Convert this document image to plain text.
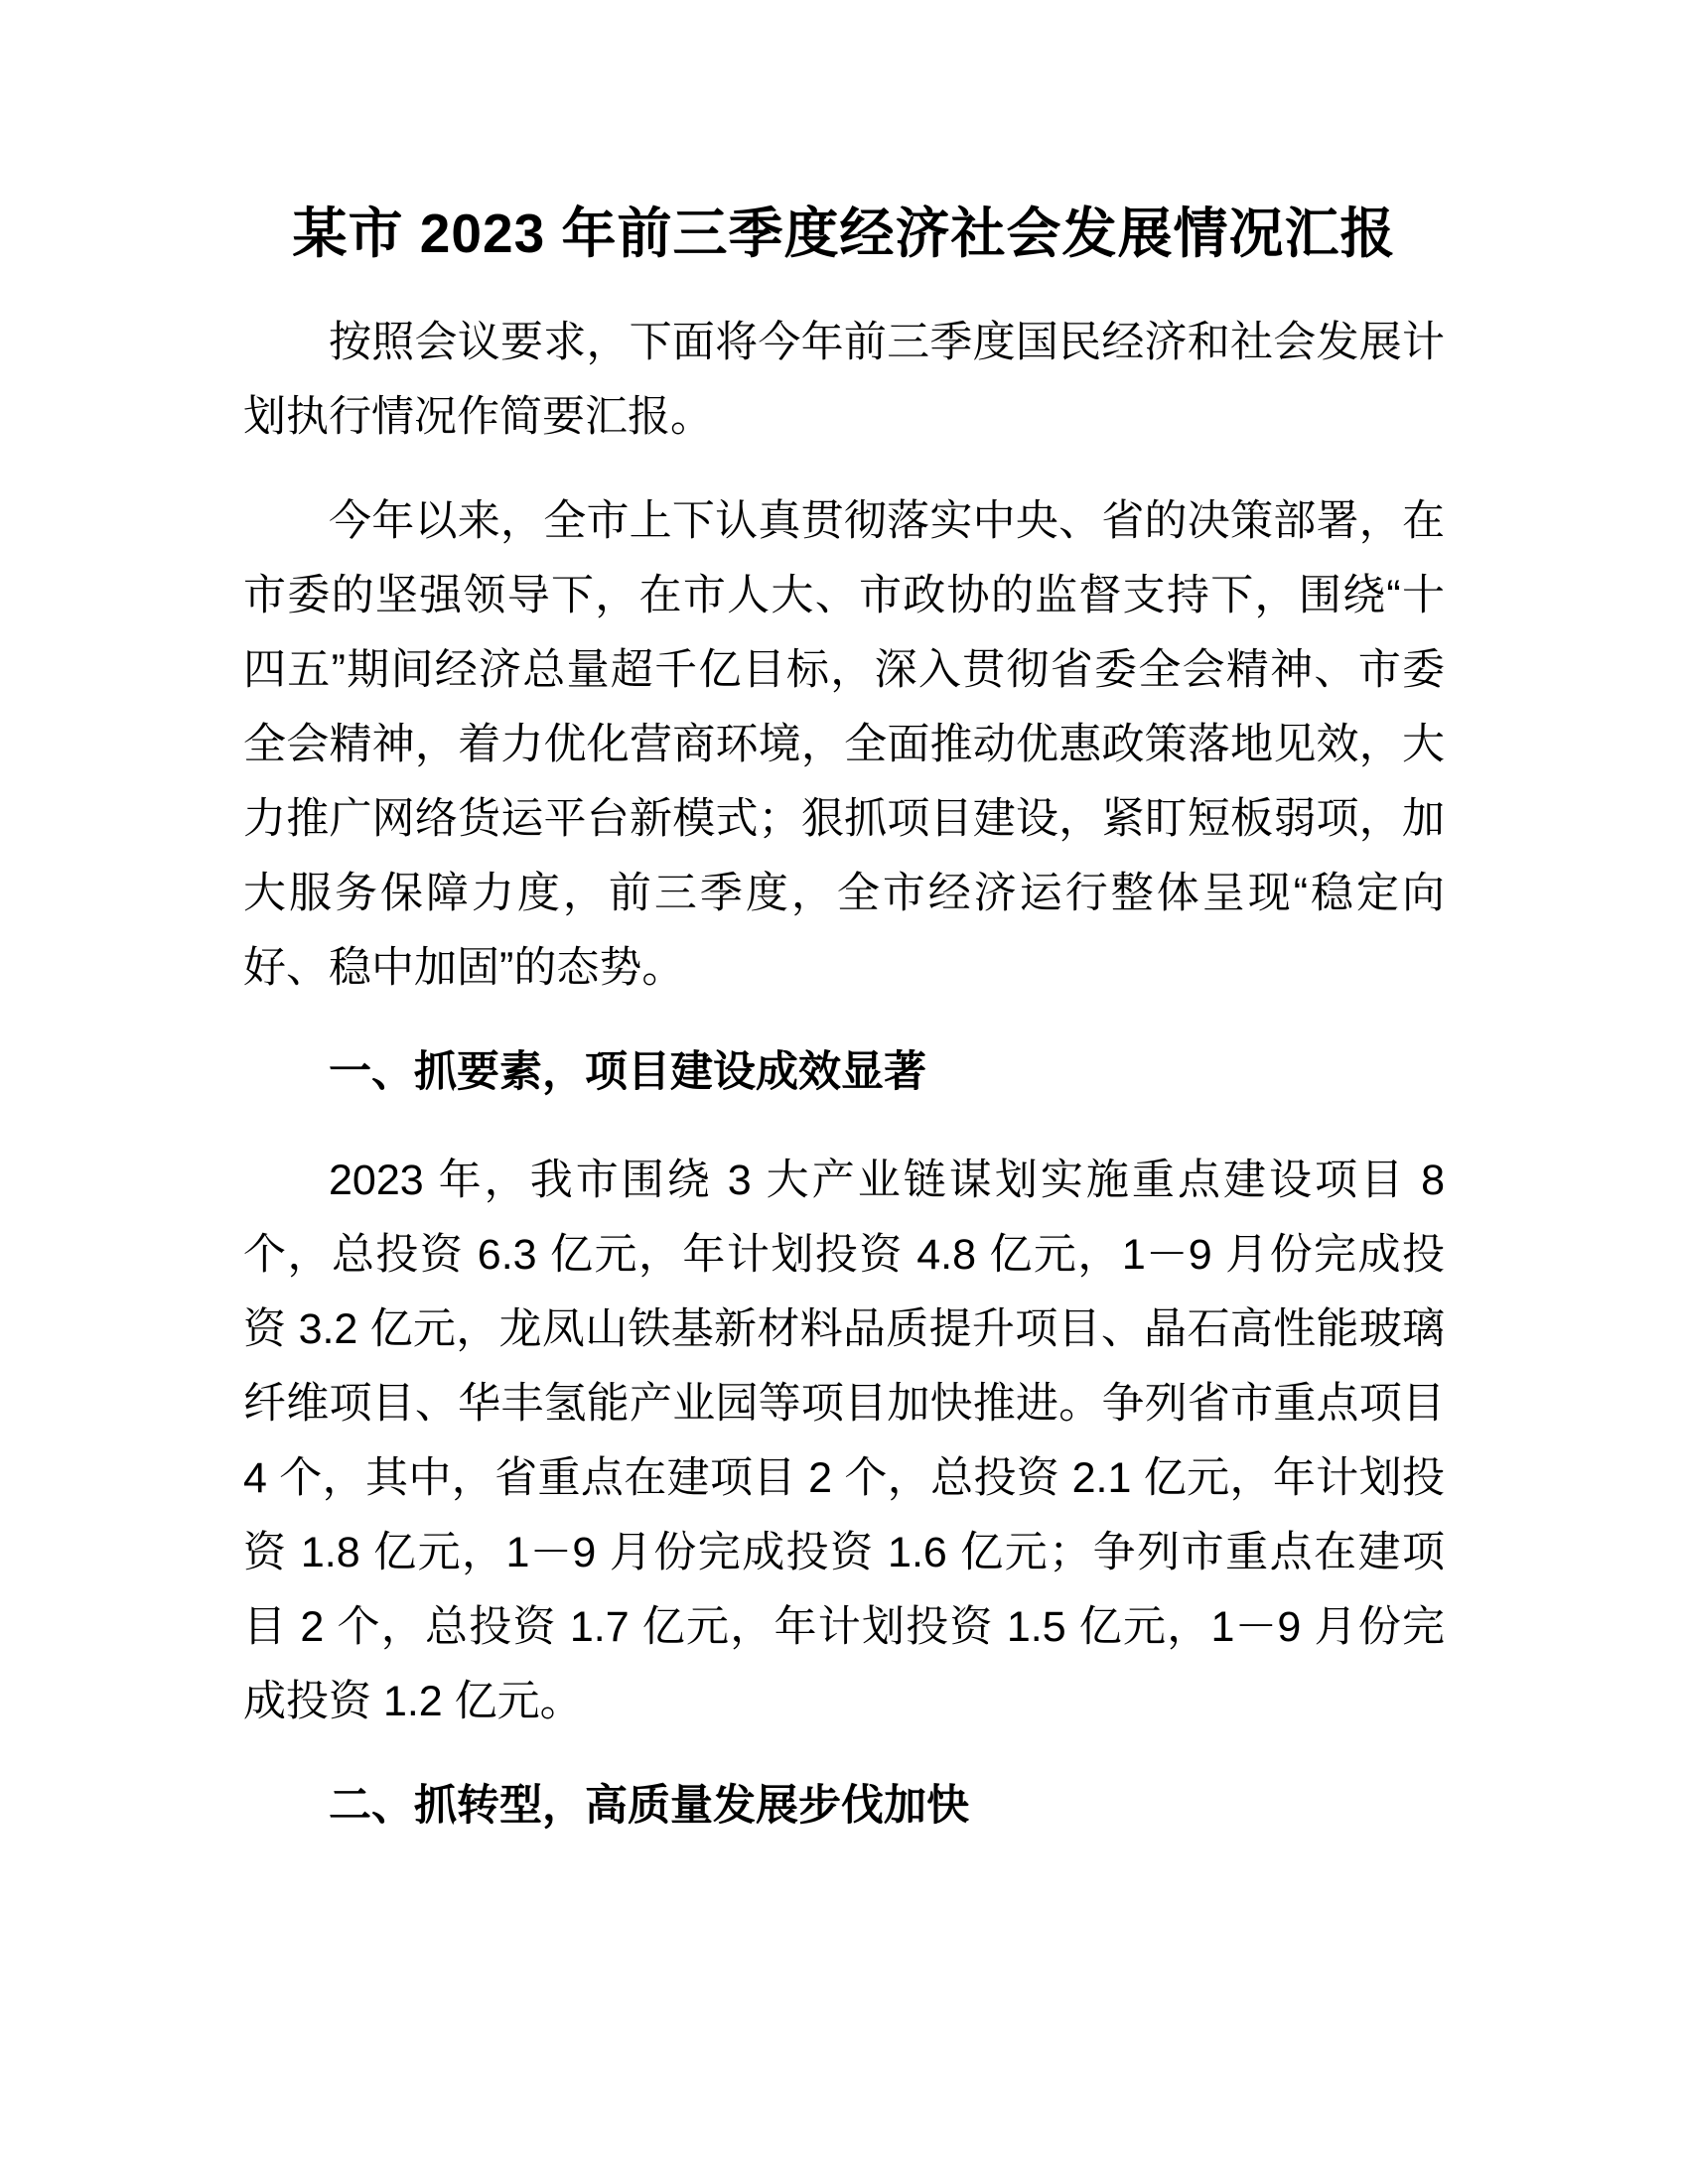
某市 2023 年前三季度经济社会发展情况汇报

按照会议要求，下面将今年前三季度国民经济和社会发展计划执行情况作简要汇报。

今年以来，全市上下认真贯彻落实中央、省的决策部署，在市委的坚强领导下，在市人大、市政协的监督支持下，围绕“十四五”期间经济总量超千亿目标，深入贯彻省委全会精神、市委全会精神，着力优化营商环境，全面推动优惠政策落地见效，大力推广网络货运平台新模式；狠抓项目建设，紧盯短板弱项，加大服务保障力度，前三季度，全市经济运行整体呈现“稳定向好、稳中加固”的态势。

一、抓要素，项目建设成效显著

2023 年，我市围绕 3 大产业链谋划实施重点建设项目 8 个，总投资 6.3 亿元，年计划投资 4.8 亿元，1－9 月份完成投资 3.2 亿元，龙凤山铁基新材料品质提升项目、晶石高性能玻璃纤维项目、华丰氢能产业园等项目加快推进。争列省市重点项目 4 个，其中，省重点在建项目 2 个，总投资 2.1 亿元，年计划投资 1.8 亿元，1－9 月份完成投资 1.6 亿元；争列市重点在建项目 2 个，总投资 1.7 亿元，年计划投资 1.5 亿元，1－9 月份完成投资 1.2 亿元。

二、抓转型，高质量发展步伐加快
